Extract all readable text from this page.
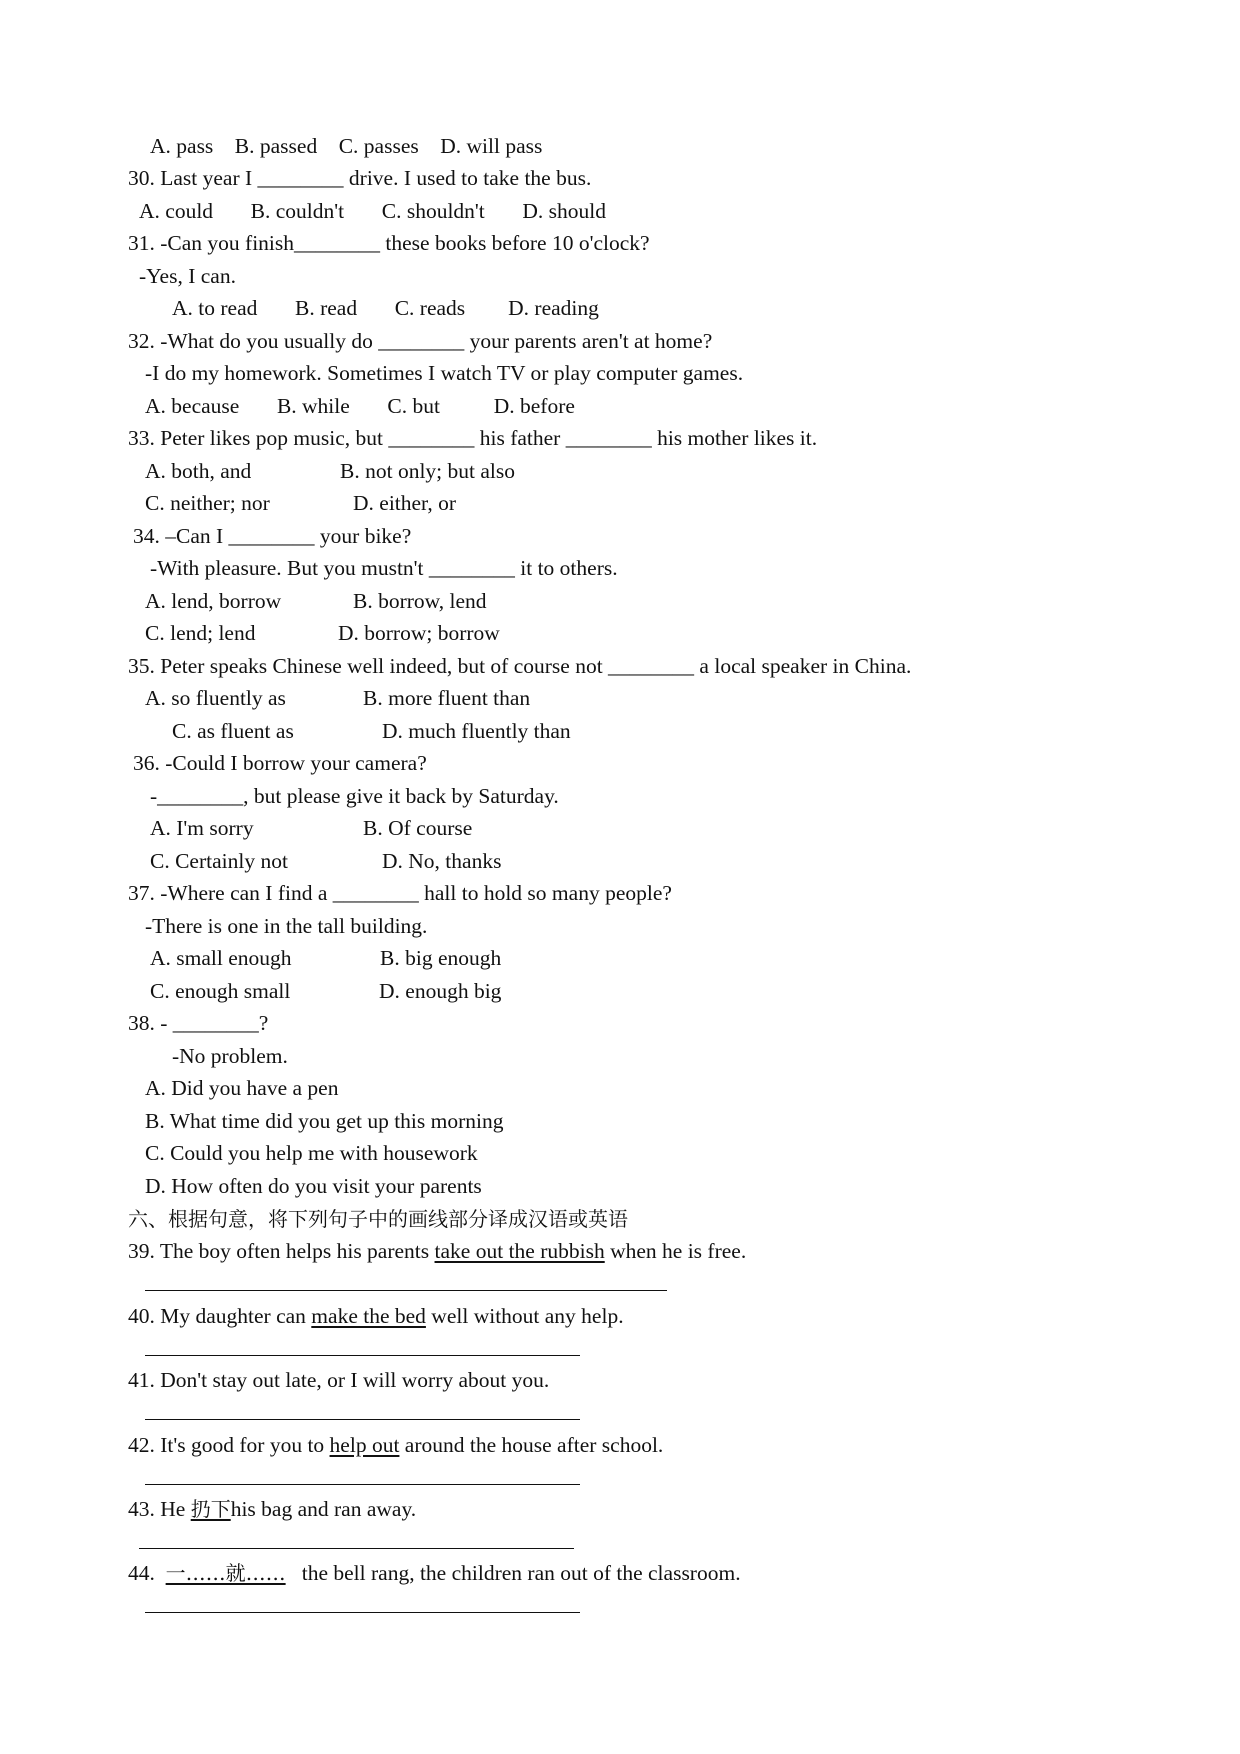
A. pass    B. passed    C. passes    D. will pass

30. Last year I ________ drive. I used to take the bus.

A. could       B. couldn't       C. shouldn't       D. should

31. -Can you finish________ these books before 10 o'clock?

-Yes, I can.

A. to read       B. read       C. reads        D. reading

32. -What do you usually do ________ your parents aren't at home?

-I do my homework. Sometimes I watch TV or play computer games.

A. because       B. while       C. but          D. before

33. Peter likes pop music, but ________ his father ________ his mother likes it.

A. both, and

	B. not only; but also

C. neither; nor

	D. either, or

34. –Can I ________ your bike?

-With pleasure. But you mustn't ________ it to others.

A. lend, borrow

	B. borrow, lend

C. lend; lend

	D. borrow; borrow

35. Peter speaks Chinese well indeed, but of course not ________ a local speaker in China.

A. so fluently as

	B. more fluent than

C. as fluent as

	D. much fluently than

36. -Could I borrow your camera?

-________, but please give it back by Saturday.

A. I'm sorry

	B. Of course

C. Certainly not

	D. No, thanks

37. -Where can I find a ________ hall to hold so many people?

-There is one in the tall building.

A. small enough

	B. big enough

C. enough small

	D. enough big

38. - ________?

-No problem.

A. Did you have a pen

B. What time did you get up this morning

C. Could you help me with housework

D. How often do you visit your parents

六、根据句意，将下列句子中的画线部分译成汉语或英语

39. The boy often helps his parents take out the rubbish when he is free.

40. My daughter can make the bed well without any help.

41. Don't stay out late, or I will worry about you.

42. It's good for you to help out around the house after school.

43. He 扔下his bag and ran away.

44.  一……就……   the bell rang, the children ran out of the classroom.
